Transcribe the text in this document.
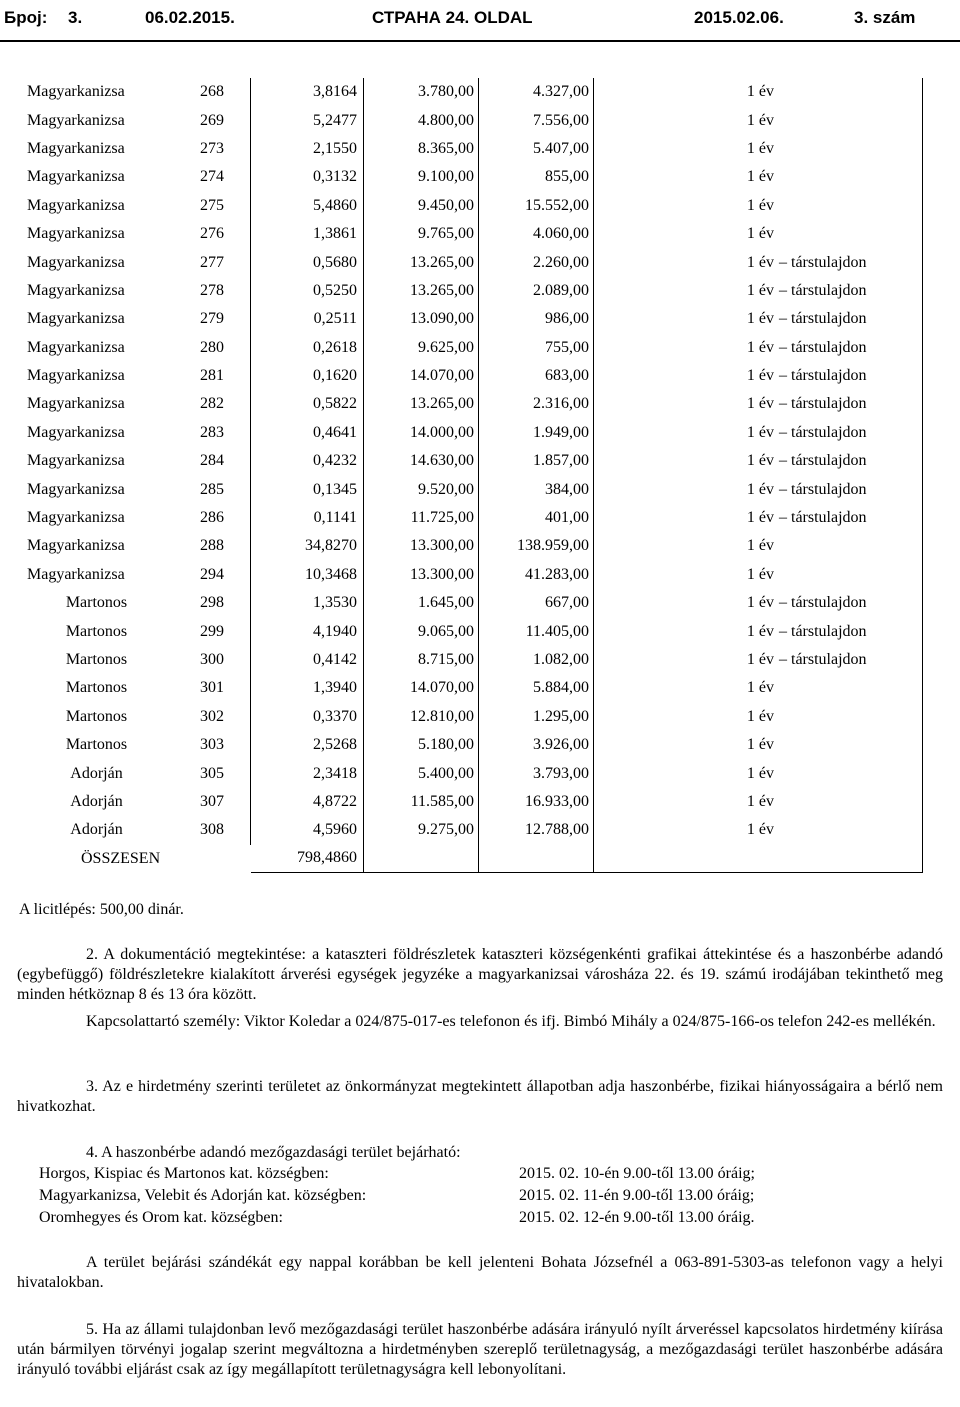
Број: 3.	06.02.2015.	СТРАНА 24. OLDAL	2015.02.06.	3. szám
Magyarkanizsa	268	3,8164	3.780,00	4.327,00	1 év
Magyarkanizsa	269	5,2477	4.800,00	7.556,00	1 év
Magyarkanizsa	273	2,1550	8.365,00	5.407,00	1 év
Magyarkanizsa	274	0,3132	9.100,00	855,00	1 év
Magyarkanizsa	275	5,4860	9.450,00	15.552,00	1 év
Magyarkanizsa	276	1,3861	9.765,00	4.060,00	1 év
Magyarkanizsa	277	0,5680	13.265,00	2.260,00	1 év – társtulajdon
Magyarkanizsa	278	0,5250	13.265,00	2.089,00	1 év – társtulajdon
Magyarkanizsa	279	0,2511	13.090,00	986,00	1 év – társtulajdon
Magyarkanizsa	280	0,2618	9.625,00	755,00	1 év – társtulajdon
Magyarkanizsa	281	0,1620	14.070,00	683,00	1 év – társtulajdon
Magyarkanizsa	282	0,5822	13.265,00	2.316,00	1 év – társtulajdon
Magyarkanizsa	283	0,4641	14.000,00	1.949,00	1 év – társtulajdon
Magyarkanizsa	284	0,4232	14.630,00	1.857,00	1 év – társtulajdon
Magyarkanizsa	285	0,1345	9.520,00	384,00	1 év – társtulajdon
Magyarkanizsa	286	0,1141	11.725,00	401,00	1 év – társtulajdon
Magyarkanizsa	288	34,8270	13.300,00	138.959,00	1 év
Magyarkanizsa	294	10,3468	13.300,00	41.283,00	1 év
Martonos	298	1,3530	1.645,00	667,00	1 év – társtulajdon
Martonos	299	4,1940	9.065,00	11.405,00	1 év – társtulajdon
Martonos	300	0,4142	8.715,00	1.082,00	1 év – társtulajdon
Martonos	301	1,3940	14.070,00	5.884,00	1 év
Martonos	302	0,3370	12.810,00	1.295,00	1 év
Martonos	303	2,5268	5.180,00	3.926,00	1 év
Adorján	305	2,3418	5.400,00	3.793,00	1 év
Adorján	307	4,8722	11.585,00	16.933,00	1 év
Adorján	308	4,5960	9.275,00	12.788,00	1 év
ÖSSZESEN		798,4860			
A licitlépés: 500,00 dinár.
2. A dokumentáció megtekintése: a kataszteri földrészletek kataszteri községenkénti grafikai áttekintése és a haszonbérbe adandó (egybefüggő) földrészletekre kialakított árverési egységek jegyzéke a magyarkanizsai városháza 22. és 19. számú irodájában tekinthető meg minden hétköznap 8 és 13 óra között.
Kapcsolattartó személy: Viktor Koledar a 024/875-017-es telefonon és ifj. Bimbó Mihály a 024/875-166-os telefon 242-es mellékén.
3. Az e hirdetmény szerinti területet az önkormányzat megtekintett állapotban adja haszonbérbe, fizikai hiányosságaira a bérlő nem hivatkozhat.
4. A haszonbérbe adandó mezőgazdasági terület bejárható:
Horgos, Kispiac és Martonos kat. községben:	2015. 02. 10-én 9.00-től 13.00 óráig;
Magyarkanizsa, Velebit és Adorján kat. községben:	2015. 02. 11-én 9.00-től 13.00 óráig;
Oromhegyes és Orom kat. községben:	2015. 02. 12-én 9.00-től 13.00 óráig.
A terület bejárási szándékát egy nappal korábban be kell jelenteni Bohata Józsefnél a 063-891-5303-as telefonon vagy a helyi hivatalokban.
5. Ha az állami tulajdonban levő mezőgazdasági terület haszonbérbe adására irányuló nyílt árveréssel kapcsolatos hirdetmény kiírása után bármilyen törvényi jogalap szerint megváltozna a hirdetményben szereplő területnagyság, a mezőgazdasági terület haszonbérbe adására irányuló további eljárást csak az így megállapított területnagyságra kell lebonyolítani.
